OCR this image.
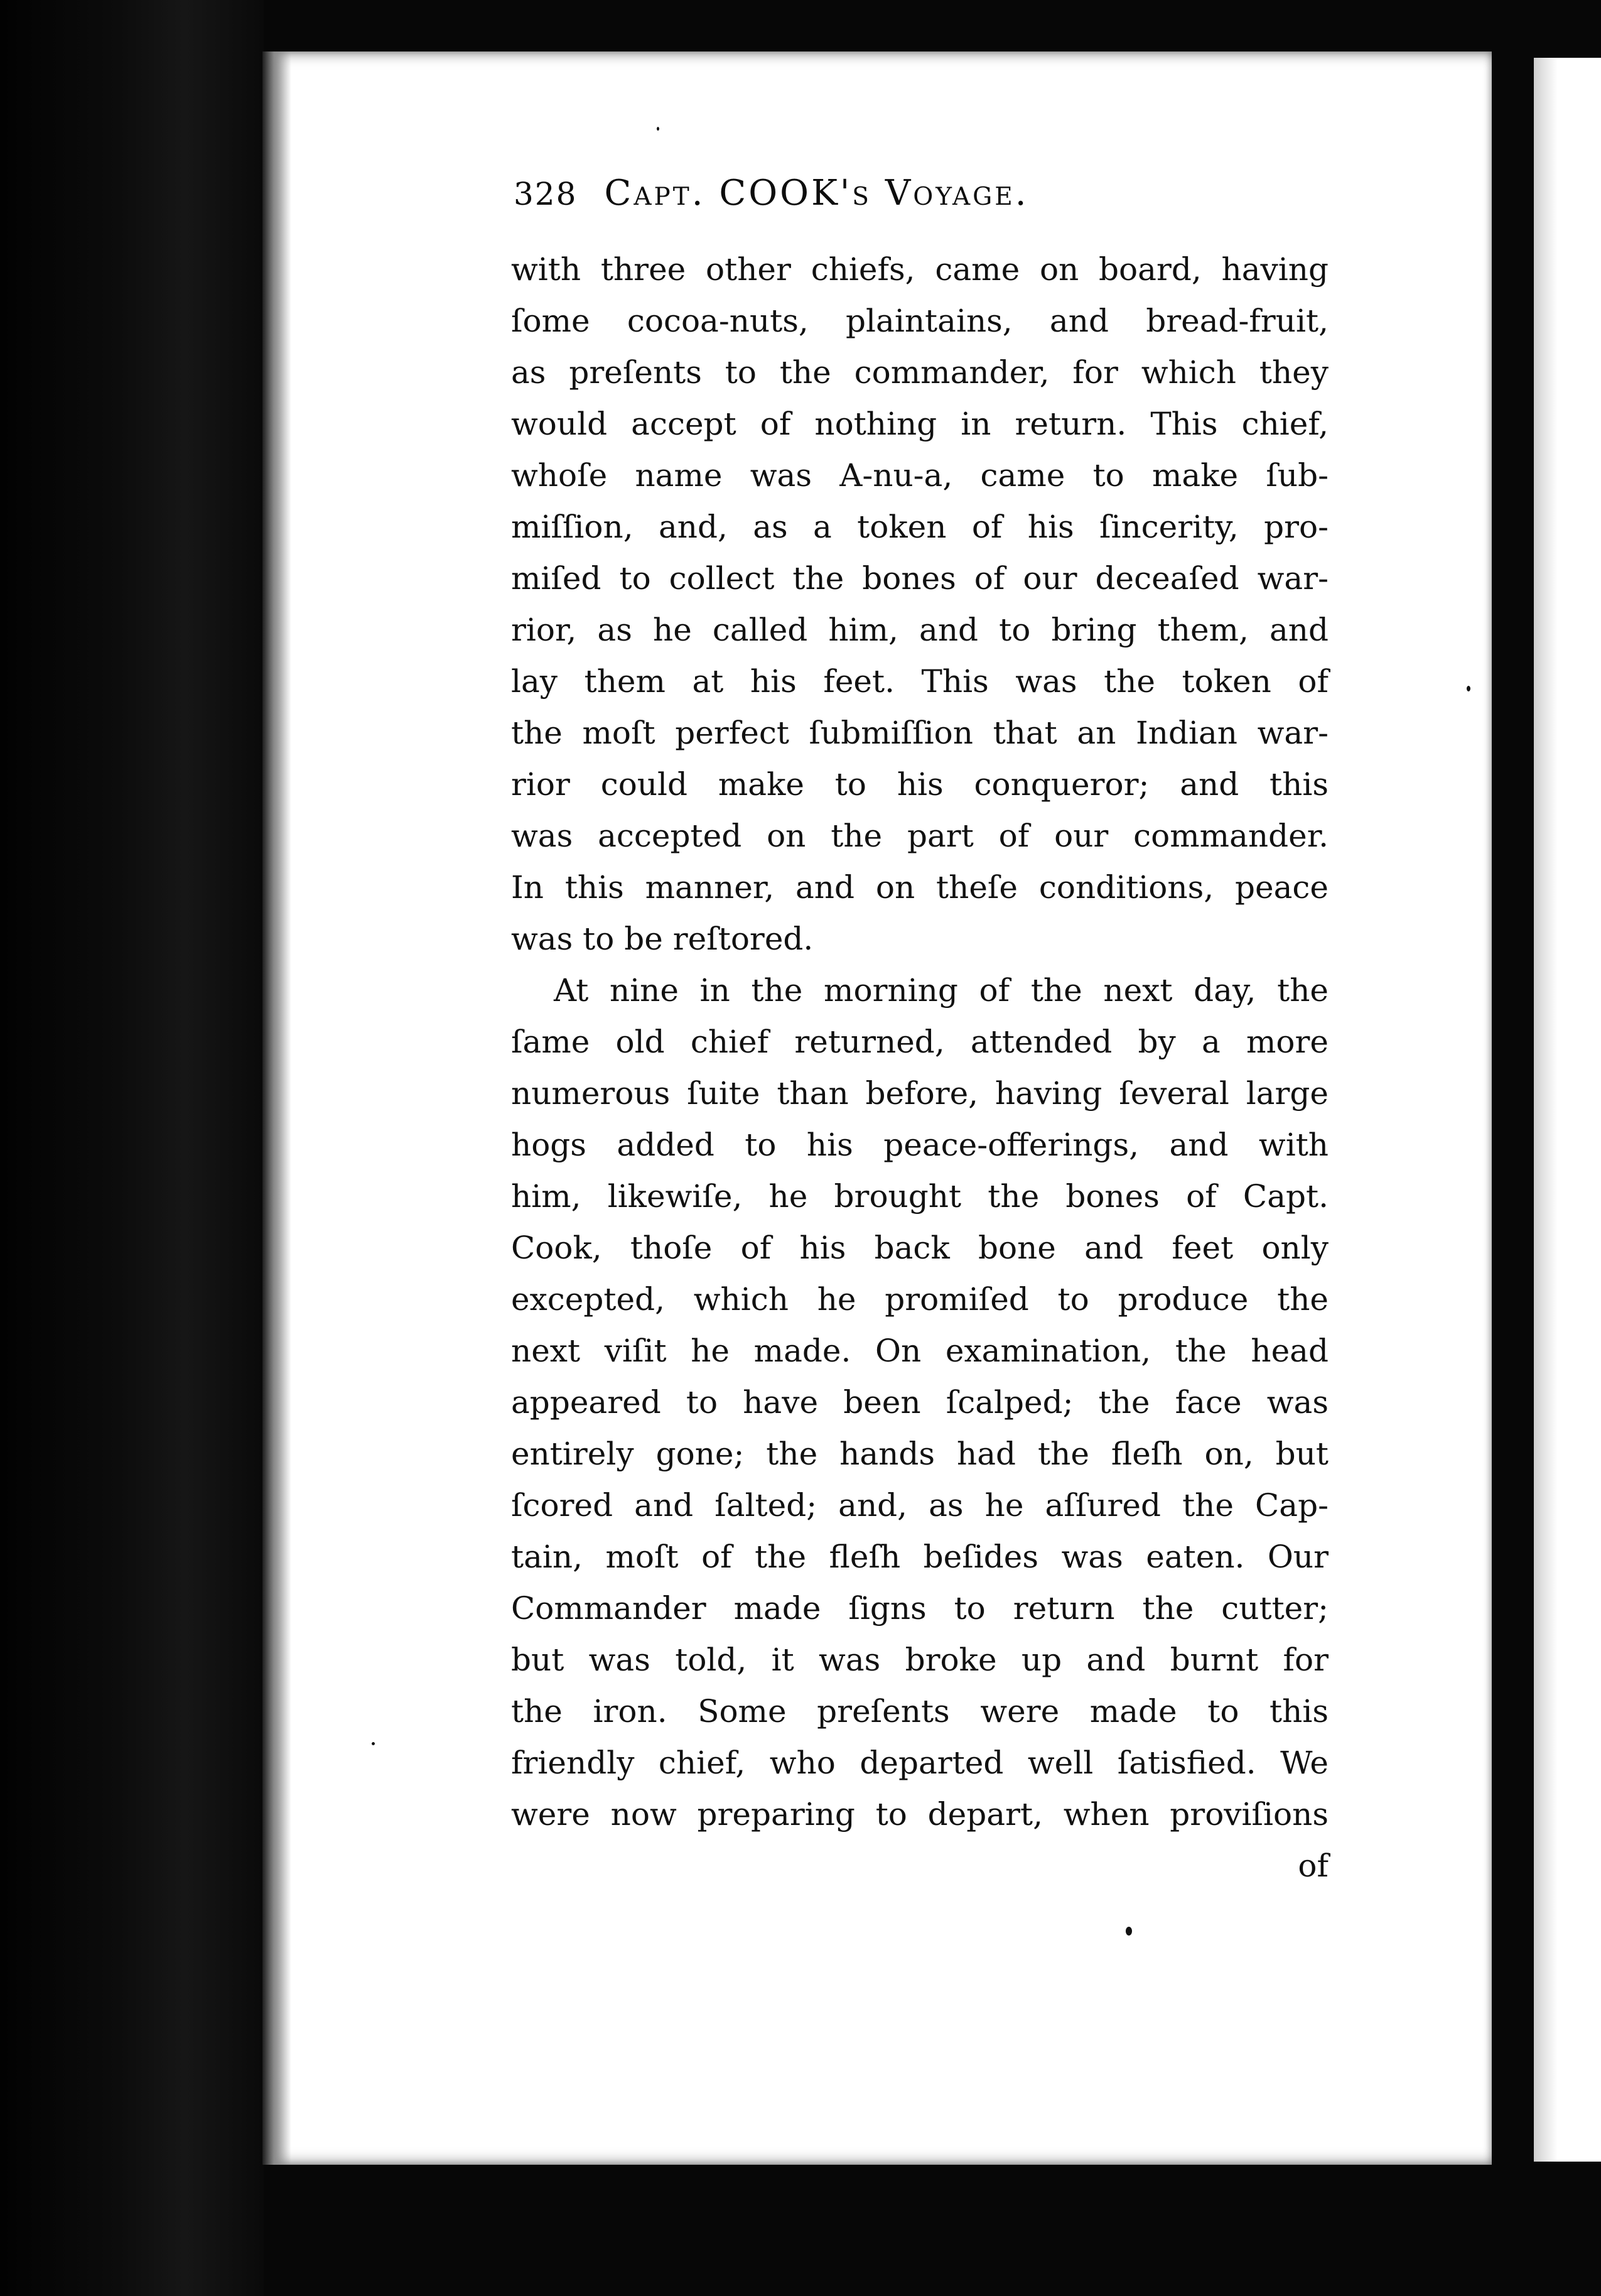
328 Capt. COOK's Voyage.
with three other chiefs, came on board, having
ſome cocoa-nuts, plaintains, and bread-fruit,
as preſents to the commander, for which they
would accept of nothing in return. This chief,
whoſe name was A-nu-a, came to make ſub-
miſſion, and, as a token of his ſincerity, pro-
miſed to collect the bones of our deceaſed war-
rior, as he called him, and to bring them, and
lay them at his feet. This was the token of
the moſt perfect ſubmiſſion that an Indian war-
rior could make to his conqueror; and this
was accepted on the part of our commander.
In this manner, and on theſe conditions, peace
was to be reſtored.
At nine in the morning of the next day, the
ſame old chief returned, attended by a more
numerous ſuite than before, having ſeveral large
hogs added to his peace-offerings, and with
him, likewiſe, he brought the bones of Capt.
Cook, thoſe of his back bone and feet only
excepted, which he promiſed to produce the
next viſit he made. On examination, the head
appeared to have been ſcalped; the face was
entirely gone; the hands had the fleſh on, but
ſcored and ſalted; and, as he aſſured the Cap-
tain, moſt of the fleſh beſides was eaten. Our
Commander made ſigns to return the cutter;
but was told, it was broke up and burnt for
the iron. Some preſents were made to this
friendly chief, who departed well ſatisfied. We
were now preparing to depart, when proviſions
of
